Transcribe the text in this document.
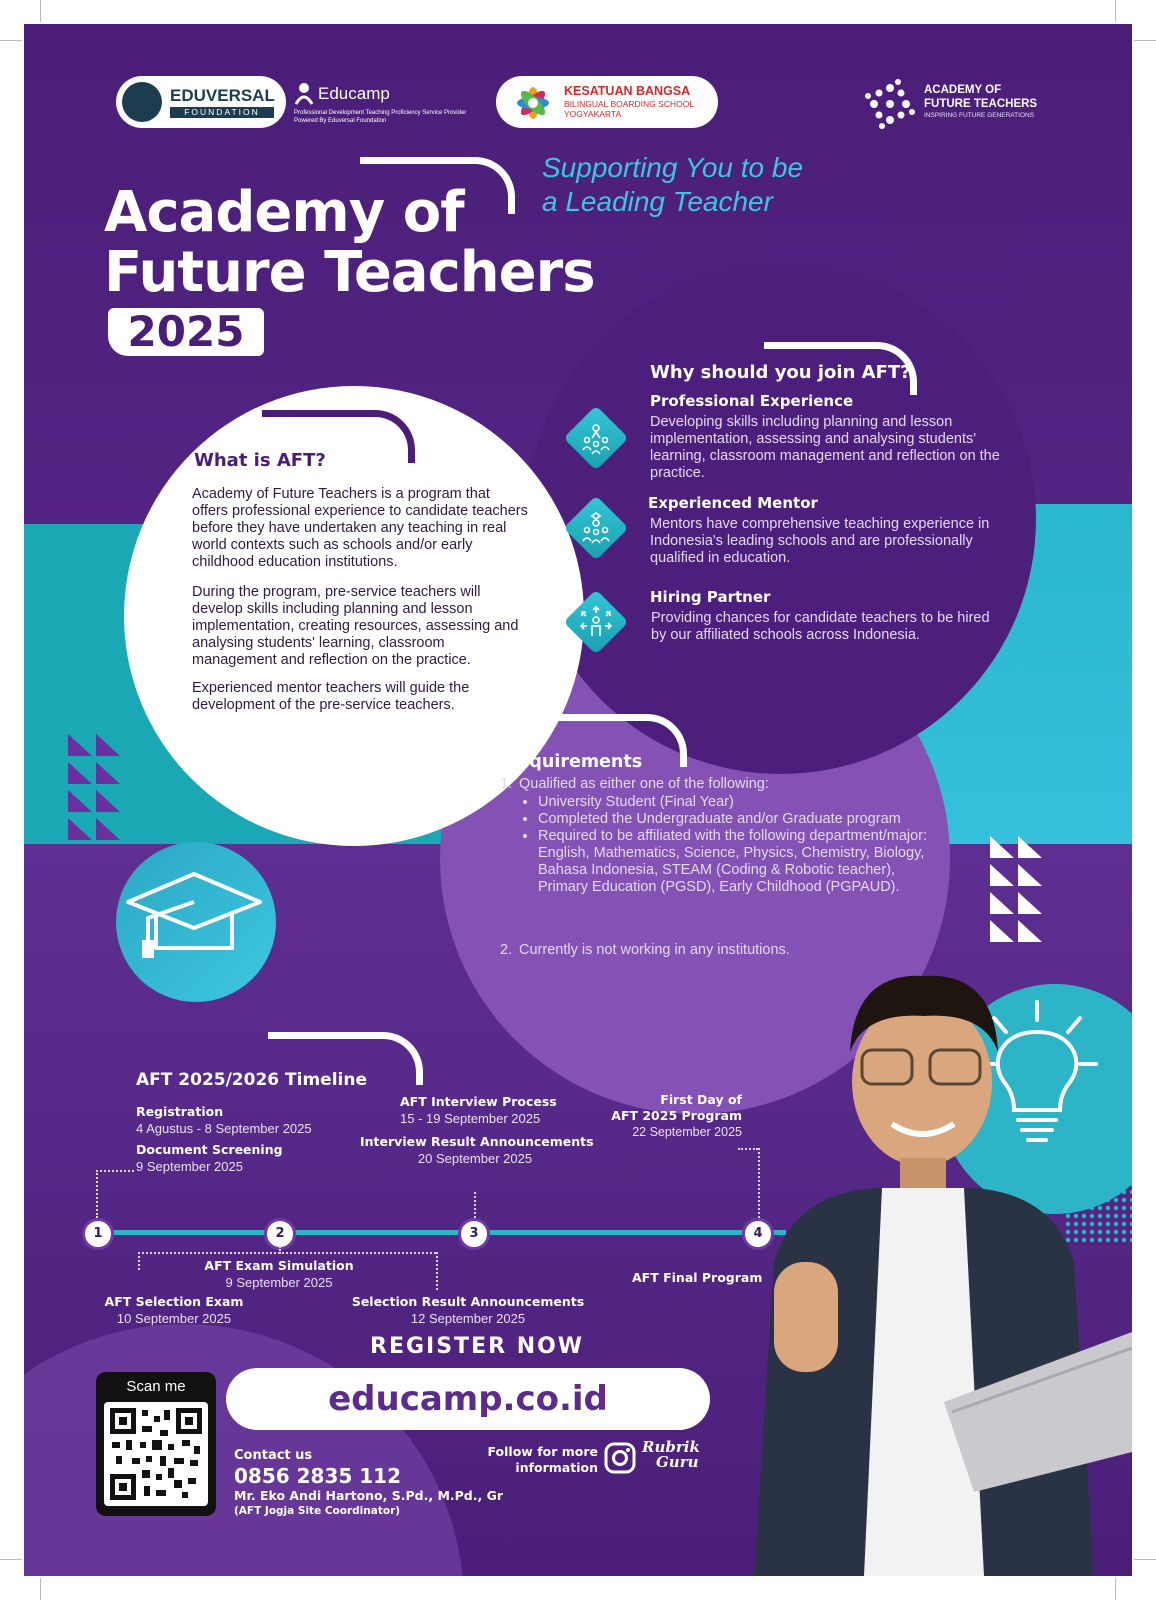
EDUVERSAL
FOUNDATION
Educamp
Professional Development Teaching Proficiency Service Provider
Powered By Eduversal Foundation
KESATUAN BANGSA
BILINGUAL BOARDING SCHOOL
YOGYAKARTA
ACADEMY OF
FUTURE TEACHERS
INSPIRING FUTURE GENERATIONS
Academy of
Future Teachers
2025
Supporting You to be
a Leading Teacher
What is AFT?
Academy of Future Teachers is a program that offers professional experience to candidate teachers before they have undertaken any teaching in real world contexts such as schools and/or early childhood education institutions.
During the program, pre-service teachers will develop skills including planning and lesson implementation, creating resources, assessing and analysing students' learning, classroom management and reflection on the practice.
Experienced mentor teachers will guide the development of the pre-service teachers.
Why should you join AFT?
Professional Experience
Developing skills including planning and lesson implementation, assessing and analysing students' learning, classroom management and reflection on the practice.
Experienced Mentor
Mentors have comprehensive teaching experience in Indonesia's leading schools and are professionally qualified in education.
Hiring Partner
Providing chances for candidate teachers to be hired by our affiliated schools across Indonesia.
Requirements
1. Qualified as either one of the following:
• University Student (Final Year)
• Completed the Undergraduate and/or Graduate program
• Required to be affiliated with the following department/major: English, Mathematics, Science, Physics, Chemistry, Biology, Bahasa Indonesia, STEAM (Coding & Robotic teacher), Primary Education (PGSD), Early Childhood (PGPAUD).
2. Currently is not working in any institutions.
AFT 2025/2026 Timeline
1	2	3	4
Registration
4 Agustus - 8 September 2025
Document Screening
9 September 2025
AFT Interview Process
15 - 19 September 2025
Interview Result Announcements
20 September 2025
First Day of
AFT 2025 Program
22 September 2025
AFT Exam Simulation
9 September 2025
AFT Selection Exam
10 September 2025
Selection Result Announcements
12 September 2025
AFT Final Program
Scan me
REGISTER NOW
educamp.co.id
Contact us
0856 2835 112
Mr. Eko Andi Hartono, S.Pd., M.Pd., Gr
(AFT Jogja Site Coordinator)
Follow for more
information
Rubrik
Guru
